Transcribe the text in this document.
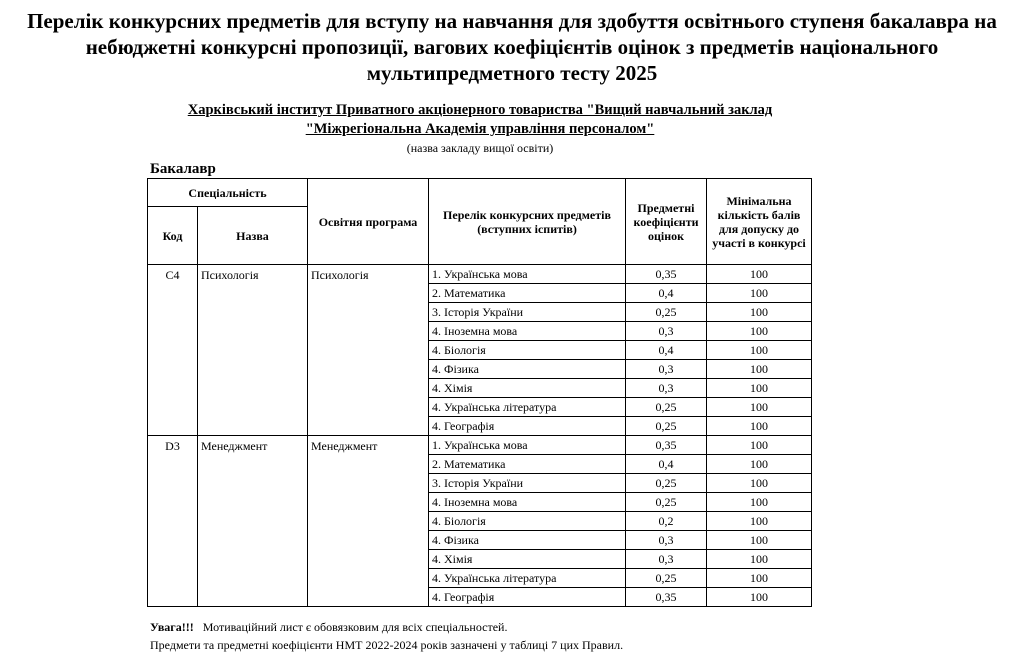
Перелік конкурсних предметів для вступу на навчання для здобуття освітнього ступеня бакалавра на небюджетні конкурсні пропозиції, вагових коефіцієнтів оцінок з предметів національного мультипредметного тесту 2025
Харківський інститут Приватного акціонерного товариства "Вищий навчальний заклад
"Міжрегіональна Академія управління персоналом"
(назва закладу вищої освіти)
Бакалавр
Спеціальність		Освітня програма	Перелік конкурсних предметів (вступних іспитів)	Предметні коефіцієнти оцінок	Мінімальна кількість балів для допуску до участі в конкурсі
Код	Назва				
С4	Психологія	Психологія	1. Українська мова	0,35	100
			2. Математика	0,4	100
			3. Історія України	0,25	100
			4. Іноземна мова	0,3	100
			4. Біологія	0,4	100
			4. Фізика	0,3	100
			4. Хімія	0,3	100
			4. Українська література	0,25	100
			4. Географія	0,25	100
D3	Менеджмент	Менеджмент	1. Українська мова	0,35	100
			2. Математика	0,4	100
			3. Історія України	0,25	100
			4. Іноземна мова	0,25	100
			4. Біологія	0,2	100
			4. Фізика	0,3	100
			4. Хімія	0,3	100
			4. Українська література	0,25	100
			4. Географія	0,35	100
Увага!!! Мотиваційний лист є обовязковим для всіх спеціальностей.
Предмети та предметні коефіцієнти НМТ 2022-2024 років зазначені у таблиці 7 цих Правил.
